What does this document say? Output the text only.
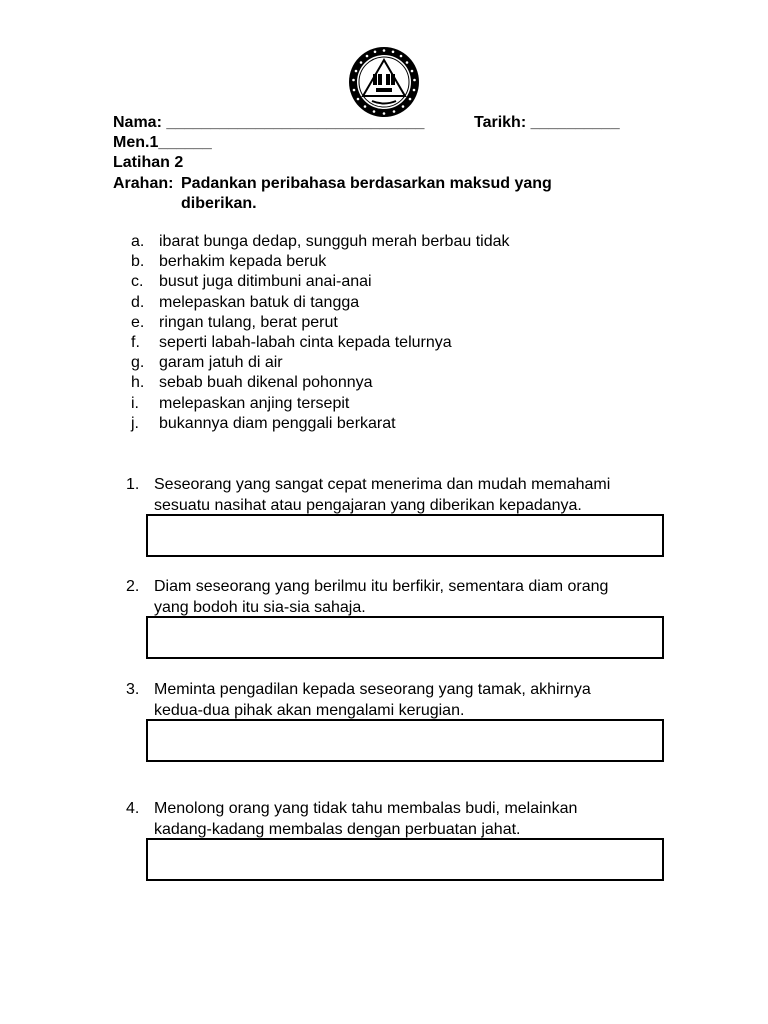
Nama: _____________________________	Tarikh: __________
Men.1______
Latihan 2
Arahan: Padankan peribahasa berdasarkan maksud yang
diberikan.
a. ibarat bunga dedap, sungguh merah berbau tidak
b. berhakim kepada beruk
c. busut juga ditimbuni anai-anai
d. melepaskan batuk di tangga
e. ringan tulang, berat perut
f.	seperti labah-labah cinta kepada telurnya
g. garam jatuh di air
h. sebab buah dikenal pohonnya
i.	melepaskan anjing tersepit
j.	bukannya diam penggali berkarat
1. Seseorang yang sangat cepat menerima dan mudah memahami
sesuatu nasihat atau pengajaran yang diberikan kepadanya.
2. Diam seseorang yang berilmu itu berfikir, sementara diam orang
yang bodoh itu sia-sia sahaja.
3. Meminta pengadilan kepada seseorang yang tamak, akhirnya
kedua-dua pihak akan mengalami kerugian.
4. Menolong orang yang tidak tahu membalas budi, melainkan
kadang-kadang membalas dengan perbuatan jahat.
